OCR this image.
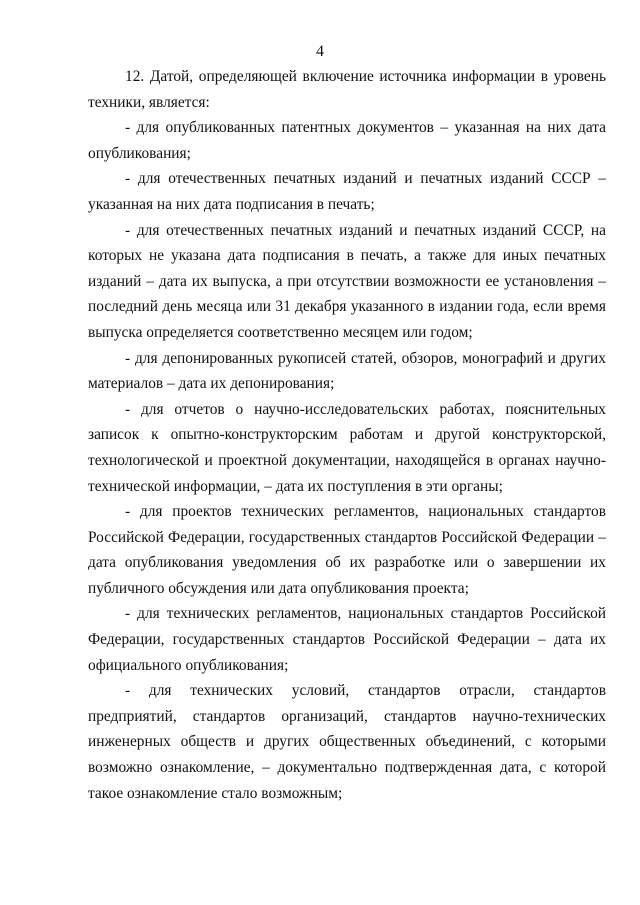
4

12. Датой, определяющей включение источника информации в уровень техники, является:

- для опубликованных патентных документов – указанная на них дата опубликования;

- для отечественных печатных изданий и печатных изданий СССР – указанная на них дата подписания в печать;

- для отечественных печатных изданий и печатных изданий СССР, на которых не указана дата подписания в печать, а также для иных печатных изданий – дата их выпуска, а при отсутствии возможности ее установления – последний день месяца или 31 декабря указанного в издании года, если время выпуска определяется соответственно месяцем или годом;

- для депонированных рукописей статей, обзоров, монографий и других материалов – дата их депонирования;

- для отчетов о научно-исследовательских работах, пояснительных записок к опытно-конструкторским работам и другой конструкторской, технологической и проектной документации, находящейся в органах научно-технической информации, – дата их поступления в эти органы;

- для проектов технических регламентов, национальных стандартов Российской Федерации, государственных стандартов Российской Федерации – дата опубликования уведомления об их разработке или о завершении их публичного обсуждения или дата опубликования проекта;

- для технических регламентов, национальных стандартов Российской Федерации, государственных стандартов Российской Федерации – дата их официального опубликования;

- для технических условий, стандартов отрасли, стандартов предприятий, стандартов организаций, стандартов научно-технических инженерных обществ и других общественных объединений, с которыми возможно ознакомление, – документально подтвержденная дата, с которой такое ознакомление стало возможным;
